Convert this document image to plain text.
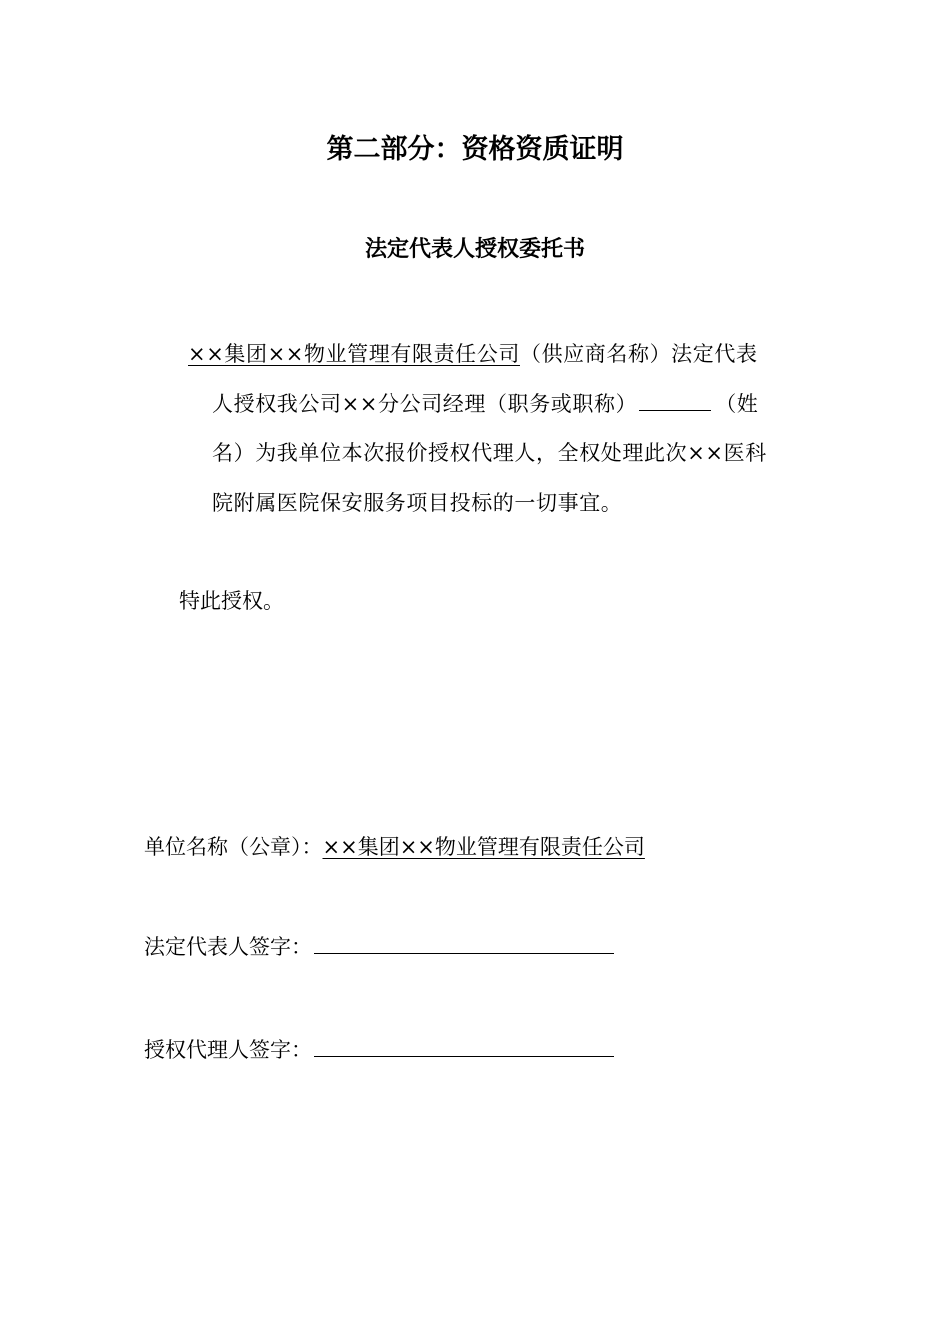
第二部分：资格资质证明
法定代表人授权委托书
××集团××物业管理有限责任公司（供应商名称）法定代表
人授权我公司××分公司经理（职务或职称）	（姓
名）为我单位本次报价授权代理人，全权处理此次××医科
院附属医院保安服务项目投标的一切事宜。
特此授权。
单位名称（公章）：××集团××物业管理有限责任公司
法定代表人签字：
授权代理人签字：
